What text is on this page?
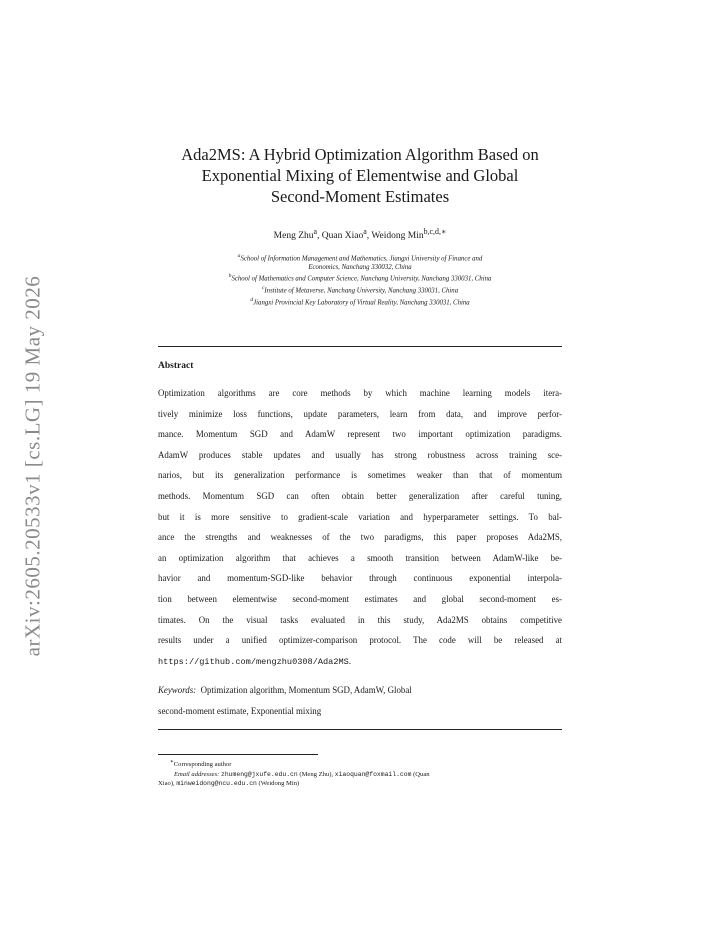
arXiv:2605.20533v1 [cs.LG] 19 May 2026
Ada2MS: A Hybrid Optimization Algorithm Based on
Exponential Mixing of Elementwise and Global
Second-Moment Estimates
Meng Zhu$^a$, Quan Xiao$^a$, Weidong Min$^{b,c,d,∗}$
$^a$School of Information Management and Mathematics, Jiangxi University of Finance and
Economics, Nanchang 330032, China
$^b$School of Mathematics and Computer Science, Nanchang University, Nanchang 330031, China
$^c$Institute of Metaverse, Nanchang University, Nanchang 330031, China
$^d$Jiangxi Provincial Key Laboratory of Virtual Reality, Nanchang 330031, China
Abstract
Optimization algorithms are core methods by which machine learning models itera-
tively minimize loss functions, update parameters, learn from data, and improve perfor-
mance. Momentum SGD and AdamW represent two important optimization paradigms.
AdamW produces stable updates and usually has strong robustness across training sce-
narios, but its generalization performance is sometimes weaker than that of momentum
methods. Momentum SGD can often obtain better generalization after careful tuning,
but it is more sensitive to gradient-scale variation and hyperparameter settings. To bal-
ance the strengths and weaknesses of the two paradigms, this paper proposes Ada2MS,
an optimization algorithm that achieves a smooth transition between AdamW-like be-
havior and momentum-SGD-like behavior through continuous exponential interpola-
tion between elementwise second-moment estimates and global second-moment es-
timates. On the visual tasks evaluated in this study, Ada2MS obtains competitive
results under a unified optimizer-comparison protocol. The code will be released at
https://github.com/mengzhu0308/Ada2MS.
Keywords: Optimization algorithm, Momentum SGD, AdamW, Global
second-moment estimate, Exponential mixing
∗Corresponding author
Email addresses: zhumeng@jxufe.edu.cn (Meng Zhu), xiaoquan@foxmail.com (Quan
Xiao), minweidong@ncu.edu.cn (Weidong Min)
